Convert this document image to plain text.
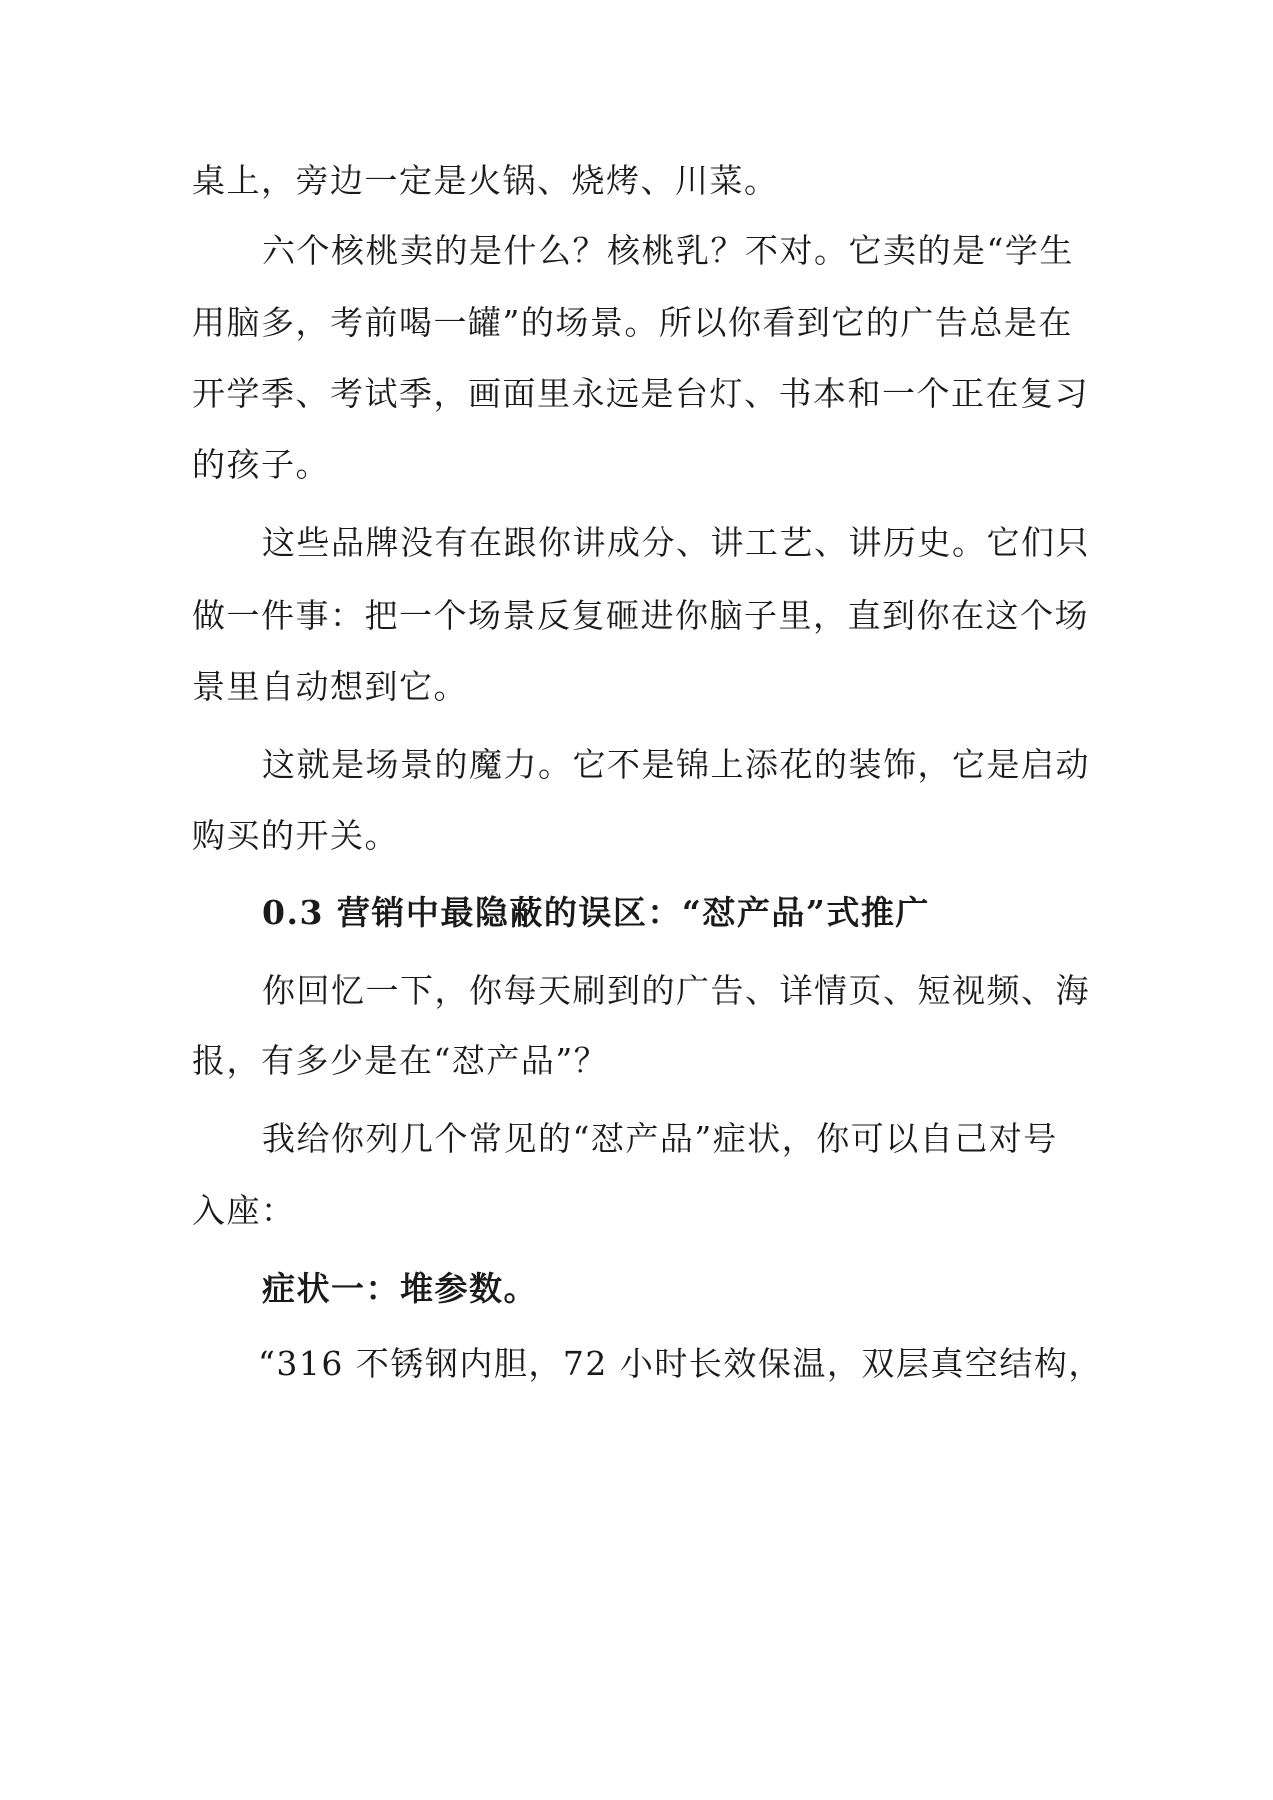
桌上，旁边一定是火锅、烧烤、川菜。
六个核桃卖的是什么？核桃乳？不对。它卖的是“学生
用脑多，考前喝一罐”的场景。所以你看到它的广告总是在
开学季、考试季，画面里永远是台灯、书本和一个正在复习
的孩子。
这些品牌没有在跟你讲成分、讲工艺、讲历史。它们只
做一件事：把一个场景反复砸进你脑子里，直到你在这个场
景里自动想到它。
这就是场景的魔力。它不是锦上添花的装饰，它是启动
购买的开关。
0.3 营销中最隐蔽的误区：“怼产品”式推广
你回忆一下，你每天刷到的广告、详情页、短视频、海
报，有多少是在“怼产品”？
我给你列几个常见的“怼产品”症状，你可以自己对号
入座：
症状一：堆参数。
“316 不锈钢内胆，72 小时长效保温，双层真空结构，
